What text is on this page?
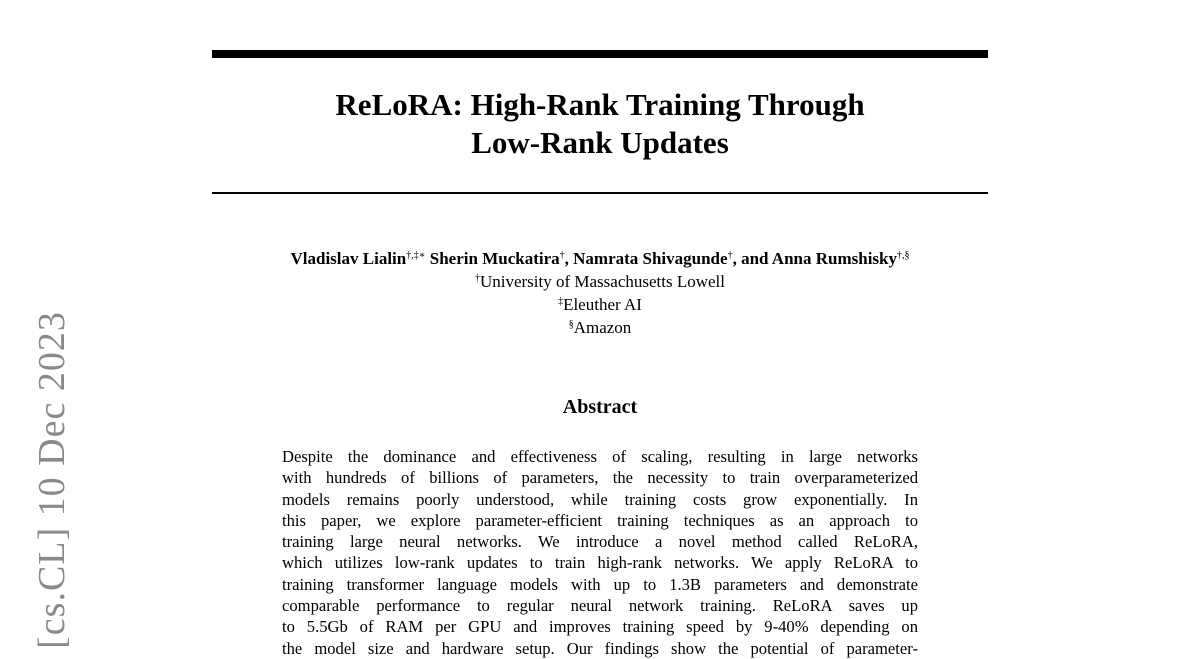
[cs.CL] 10 Dec 2023
ReLoRA: High-Rank Training Through
Low-Rank Updates
Vladislav Lialin†,‡∗ Sherin Muckatira†, Namrata Shivagunde†, and Anna Rumshisky†,§
†University of Massachusetts Lowell
‡Eleuther AI
§Amazon
Abstract
Despite the dominance and effectiveness of scaling, resulting in large networks
with hundreds of billions of parameters, the necessity to train overparameterized
models remains poorly understood, while training costs grow exponentially. In
this paper, we explore parameter-efficient training techniques as an approach to
training large neural networks. We introduce a novel method called ReLoRA,
which utilizes low-rank updates to train high-rank networks. We apply ReLoRA to
training transformer language models with up to 1.3B parameters and demonstrate
comparable performance to regular neural network training. ReLoRA saves up
to 5.5Gb of RAM per GPU and improves training speed by 9-40% depending on
the model size and hardware setup. Our findings show the potential of parameter-
